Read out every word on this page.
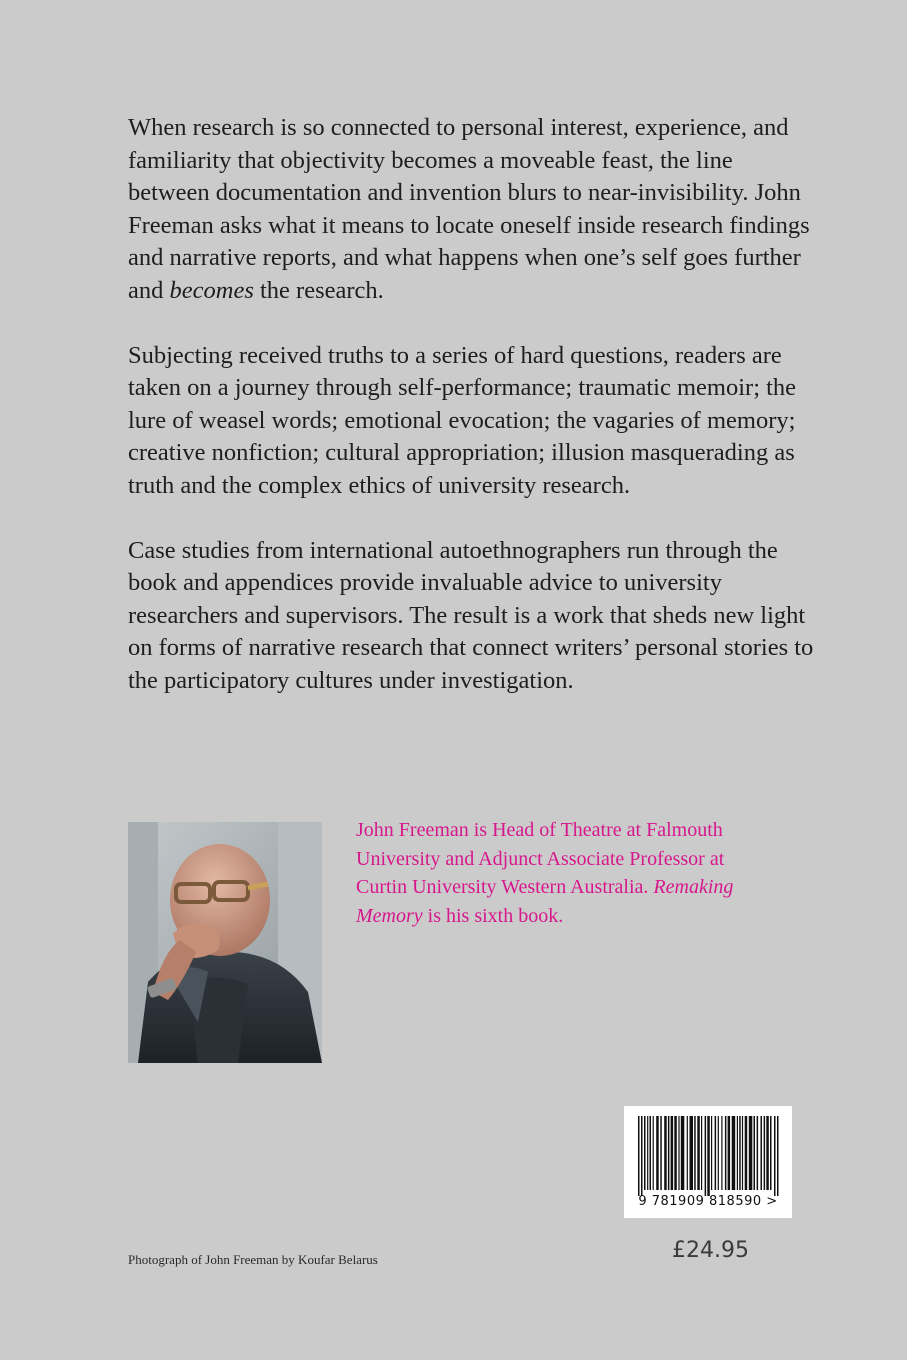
When research is so connected to personal interest, experience, and familiarity that objectivity becomes a moveable feast, the line between documentation and invention blurs to near-invisibility. John Freeman asks what it means to locate oneself inside research findings and narrative reports, and what happens when one’s self goes further and becomes the research.

Subjecting received truths to a series of hard questions, readers are taken on a journey through self-performance; traumatic memoir; the lure of weasel words; emotional evocation; the vagaries of memory; creative nonfiction; cultural appropriation; illusion masquerading as truth and the complex ethics of university research.

Case studies from international autoethnographers run through the book and appendices provide invaluable advice to university researchers and supervisors. The result is a work that sheds new light on forms of narrative research that connect writers’ personal stories to the participatory cultures under investigation.

John Freeman is Head of Theatre at Falmouth University and Adjunct Associate Professor at Curtin University Western Australia. Remaking Memory is his sixth book.
9 781909 818590 >
£24.95
Photograph of John Freeman by Koufar Belarus
